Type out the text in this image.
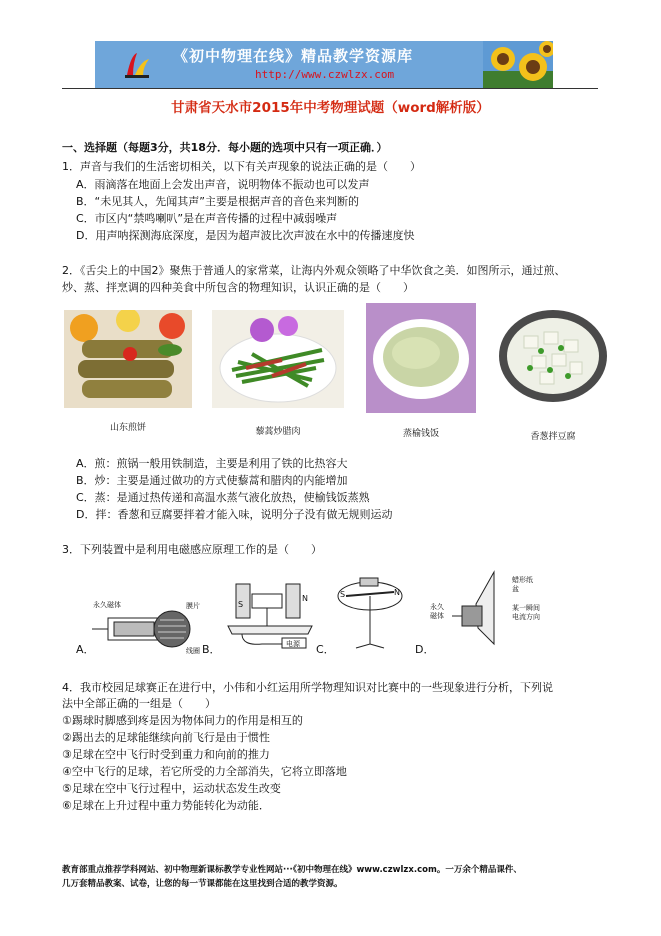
《初中物理在线》精品教学资源库
http://www.czwlzx.com
甘肃省天水市2015年中考物理试题（word解析版）
一、选择题（每题3分，共18分．每小题的选项中只有一项正确．）
1．声音与我们的生活密切相关，以下有关声现象的说法正确的是（　　）
A．雨滴落在地面上会发出声音，说明物体不振动也可以发声
B．“未见其人，先闻其声”主要是根据声音的音色来判断的
C．市区内“禁鸣喇叭”是在声音传播的过程中减弱噪声
D．用声呐探测海底深度，是因为超声波比次声波在水中的传播速度快
2．《舌尖上的中国2》聚焦于普通人的家常菜，让海内外观众领略了中华饮食之美．如图所示，通过煎、
炒、蒸、拌烹调的四种美食中所包含的物理知识，认识正确的是（　　）
山东煎饼	藜蒿炒腊肉	蒸榆钱饭	香葱拌豆腐
A．煎：煎锅一般用铁制造，主要是利用了铁的比热容大
B．炒：主要是通过做功的方式使藜蒿和腊肉的内能增加
C．蒸：是通过热传递和高温水蒸气液化放热，使榆钱饭蒸熟
D．拌：香葱和豆腐要拌着才能入味，说明分子没有做无规则运动
3．下列装置中是利用电磁感应原理工作的是（　　）
A．
永久磁体	膜片
线圈 B．
S
N
电源 C．
S	N
D．
蜡形纸盆
永久磁体
某一瞬间电流方向
4．我市校园足球赛正在进行中，小伟和小红运用所学物理知识对比赛中的一些现象进行分析，下列说
法中全部正确的一组是（　　）
①踢球时脚感到疼是因为物体间力的作用是相互的
②踢出去的足球能继续向前飞行是由于惯性
③足球在空中飞行时受到重力和向前的推力
④空中飞行的足球，若它所受的力全部消失，它将立即落地
⑤足球在空中飞行过程中，运动状态发生改变
⑥足球在上升过程中重力势能转化为动能．
教育部重点推荐学科网站、初中物理新课标教学专业性网站···《初中物理在线》www.czwlzx.com。一万余个精品课件、
几万套精品教案、试卷，让您的每一节课都能在这里找到合适的教学资源。
